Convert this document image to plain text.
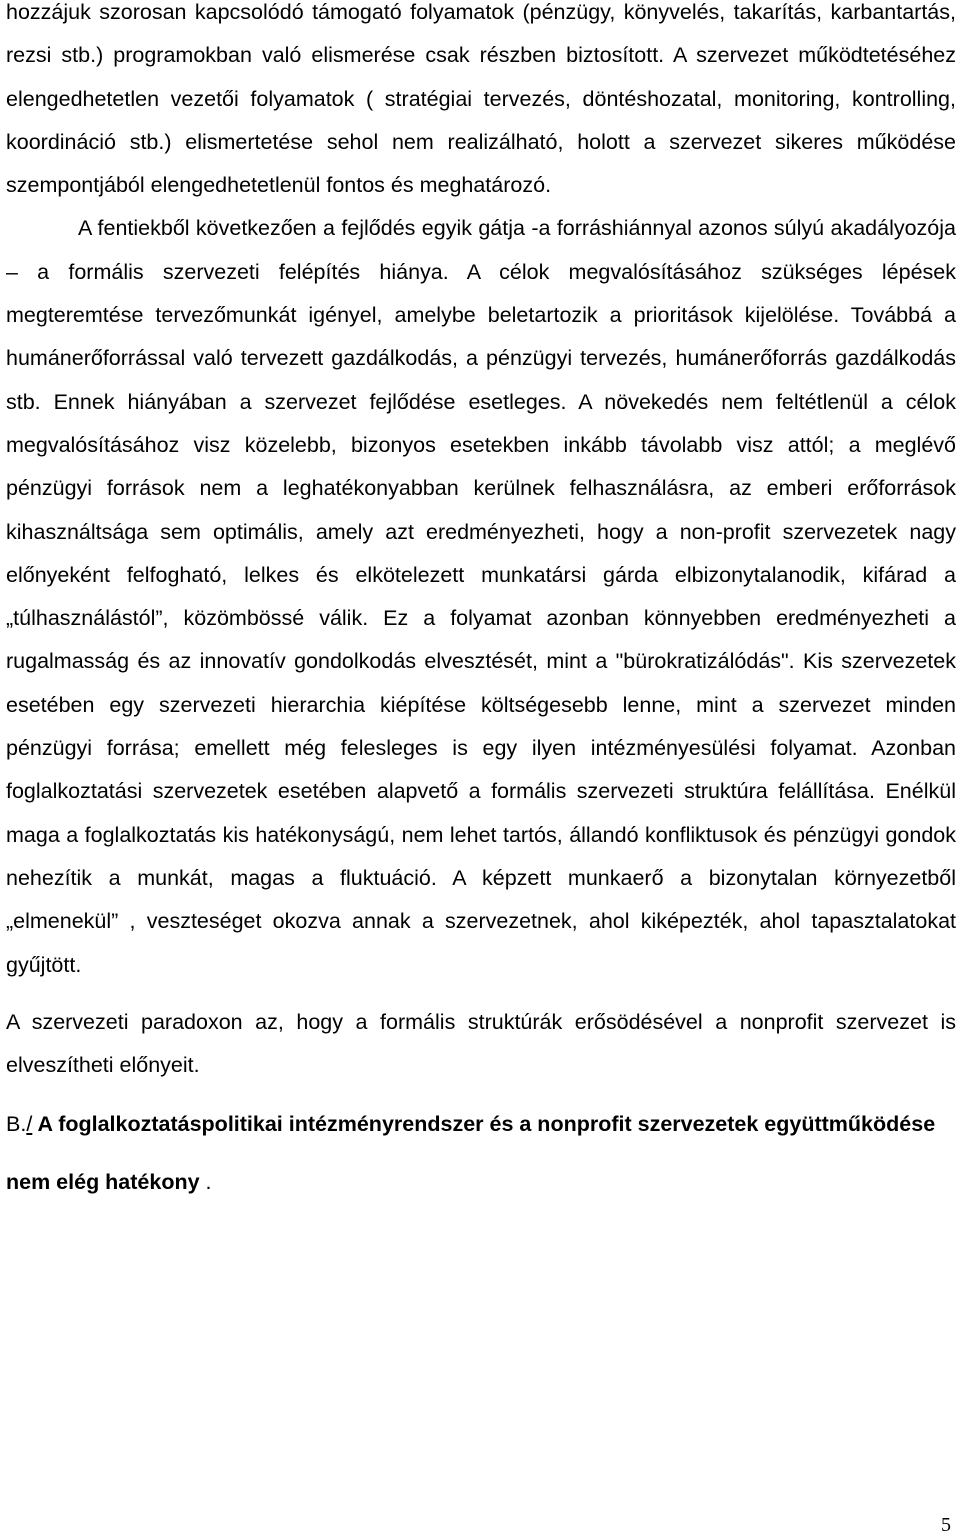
hozzájuk szorosan kapcsolódó támogató folyamatok (pénzügy, könyvelés, takarítás, karbantartás, rezsi stb.) programokban való elismerése csak részben biztosított. A szervezet működtetéséhez elengedhetetlen vezetői folyamatok ( stratégiai tervezés, döntéshozatal, monitoring, kontrolling, koordináció stb.) elismertetése sehol nem realizálható, holott a szervezet sikeres működése szempontjából elengedhetetlenül fontos és meghatározó.

A fentiekből következően a fejlődés egyik gátja -a forráshiánnyal azonos súlyú akadályozója – a formális szervezeti felépítés hiánya. A célok megvalósításához szükséges lépések megteremtése tervezőmunkát igényel, amelybe beletartozik a prioritások kijelölése. Továbbá a humánerőforrással való tervezett gazdálkodás, a pénzügyi tervezés, humánerőforrás gazdálkodás stb. Ennek hiányában a szervezet fejlődése esetleges. A növekedés nem feltétlenül a célok megvalósításához visz közelebb, bizonyos esetekben inkább távolabb visz attól; a meglévő pénzügyi források nem a leghatékonyabban kerülnek felhasználásra, az emberi erőforrások kihasználtsága sem optimális, amely azt eredményezheti, hogy a non-profit szervezetek nagy előnyeként felfogható, lelkes és elkötelezett munkatársi gárda elbizonytalanodik, kifárad a „túlhasználástól”, közömbössé válik. Ez a folyamat azonban könnyebben eredményezheti a rugalmasság és az innovatív gondolkodás elvesztését, mint a "bürokratizálódás". Kis szervezetek esetében egy szervezeti hierarchia kiépítése költségesebb lenne, mint a szervezet minden pénzügyi forrása; emellett még felesleges is egy ilyen intézményesülési folyamat. Azonban foglalkoztatási szervezetek esetében alapvető a formális szervezeti struktúra felállítása. Enélkül maga a foglalkoztatás kis hatékonyságú, nem lehet tartós, állandó konfliktusok és pénzügyi gondok nehezítik a munkát, magas a fluktuáció. A képzett munkaerő a bizonytalan környezetből „elmenekül” , veszteséget okozva annak a szervezetnek, ahol kiképezték, ahol tapasztalatokat gyűjtött.

A szervezeti paradoxon az, hogy a formális struktúrák erősödésével a nonprofit szervezet is elveszítheti előnyeit.

B./ A foglalkoztatáspolitikai intézményrendszer és a nonprofit szervezetek együttműködése nem elég hatékony .

5
